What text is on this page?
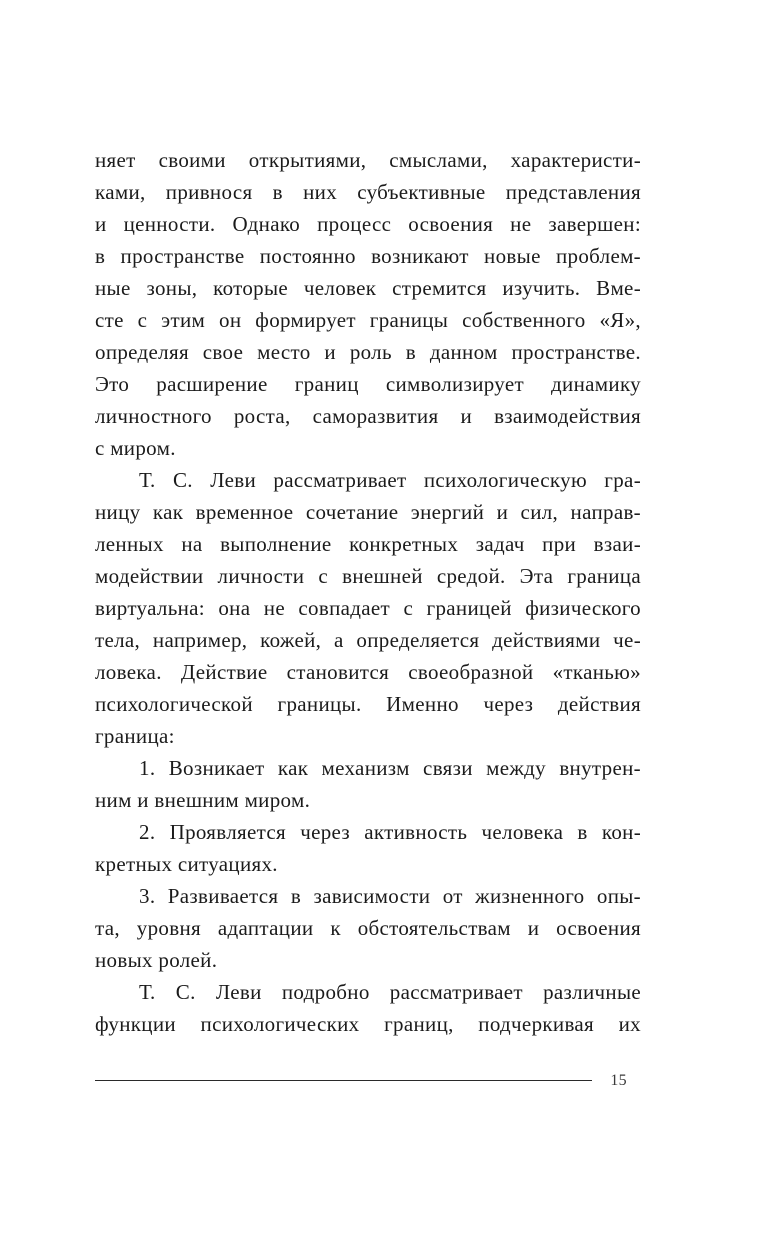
няет своими открытиями, смыслами, характеристи-
ками, привнося в них субъективные представления
и ценности. Однако процесс освоения не завершен:
в пространстве постоянно возникают новые проблем-
ные зоны, которые человек стремится изучить. Вме-
сте с этим он формирует границы собственного «Я»,
определяя свое место и роль в данном пространстве.
Это расширение границ символизирует динамику
личностного роста, саморазвития и взаимодействия
с миром.
Т. С. Леви рассматривает психологическую гра-
ницу как временное сочетание энергий и сил, направ-
ленных на выполнение конкретных задач при взаи-
модействии личности с внешней средой. Эта граница
виртуальна: она не совпадает с границей физического
тела, например, кожей, а определяется действиями че-
ловека. Действие становится своеобразной «тканью»
психологической границы. Именно через действия
граница:
1. Возникает как механизм связи между внутрен-
ним и внешним миром.
2. Проявляется через активность человека в кон-
кретных ситуациях.
3. Развивается в зависимости от жизненного опы-
та, уровня адаптации к обстоятельствам и освоения
новых ролей.
Т. С. Леви подробно рассматривает различные
функции психологических границ, подчеркивая их
15
